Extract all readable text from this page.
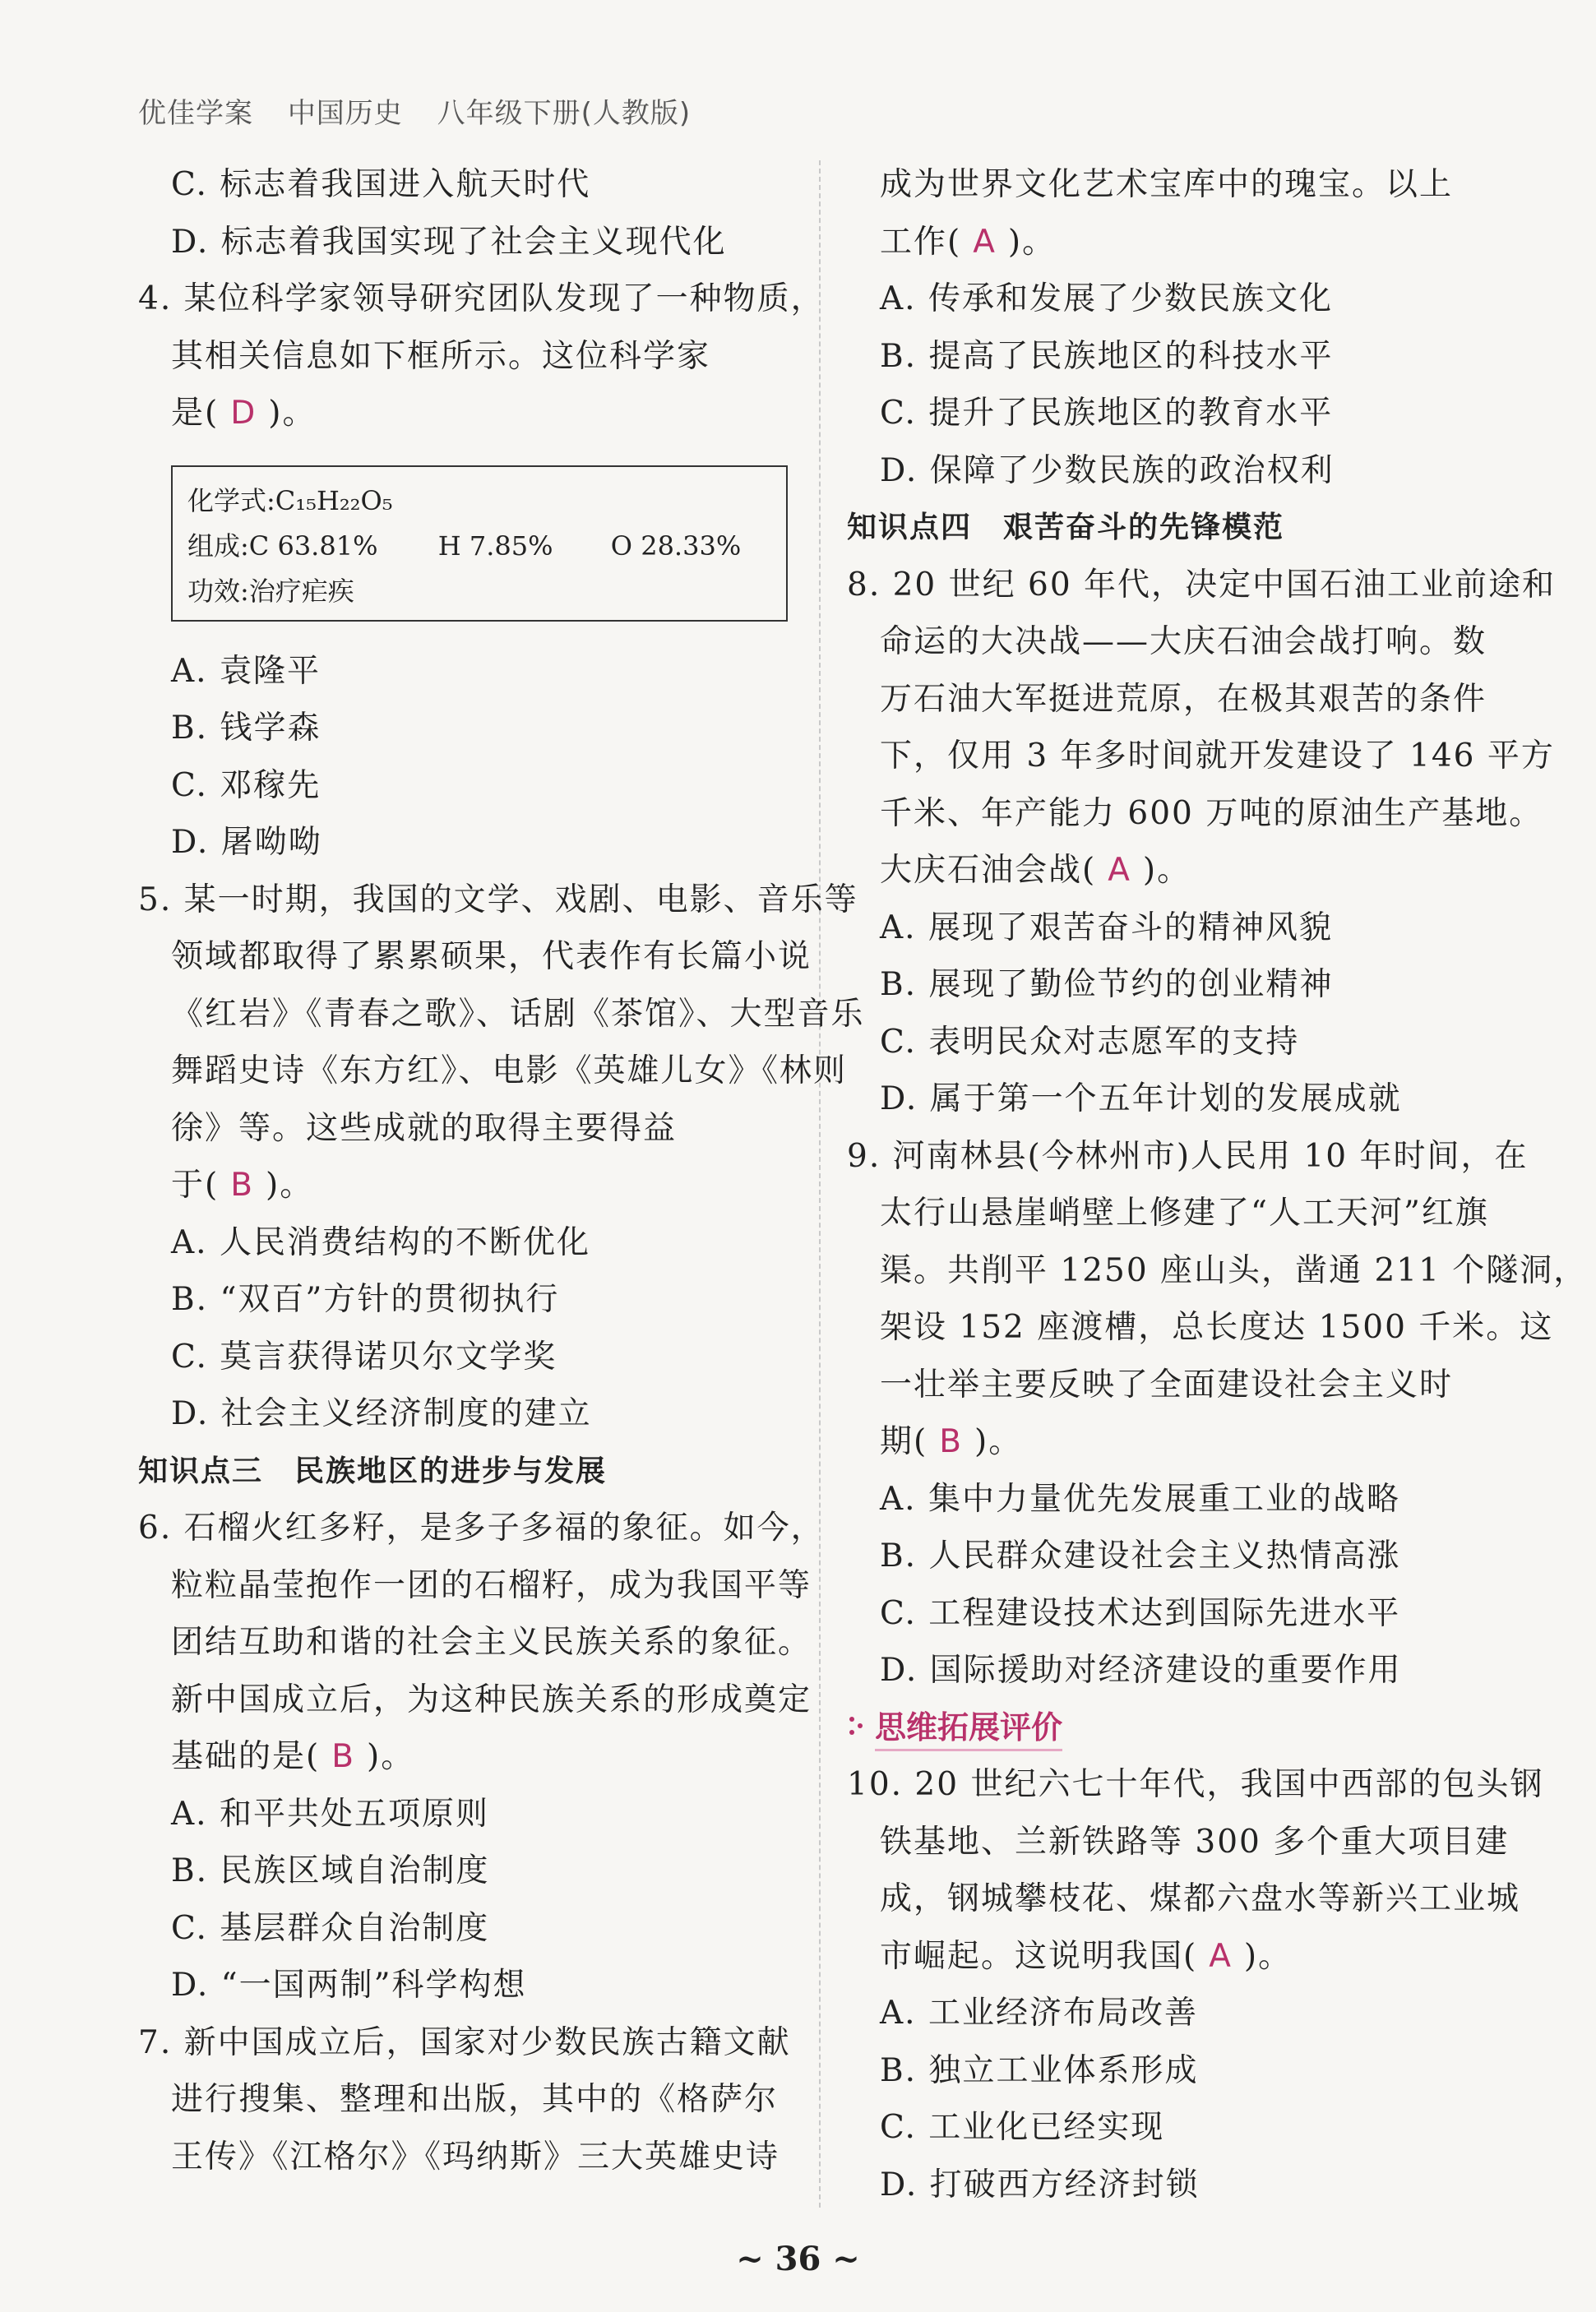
优佳学案 中国历史 八年级下册(人教版)
C. 标志着我国进入航天时代
D. 标志着我国实现了社会主义现代化
4. 某位科学家领导研究团队发现了一种物质，
其相关信息如下框所示。这位科学家
是( D )。
化学式:C₁₅H₂₂O₅
组成:C 63.81% H 7.85% O 28.33%
功效:治疗疟疾
A. 袁隆平
B. 钱学森
C. 邓稼先
D. 屠呦呦
5. 某一时期，我国的文学、戏剧、电影、音乐等
领域都取得了累累硕果，代表作有长篇小说
《红岩》《青春之歌》、话剧《茶馆》、大型音乐
舞蹈史诗《东方红》、电影《英雄儿女》《林则
徐》等。这些成就的取得主要得益
于( B )。
A. 人民消费结构的不断优化
B. “双百”方针的贯彻执行
C. 莫言获得诺贝尔文学奖
D. 社会主义经济制度的建立
知识点三　民族地区的进步与发展
6. 石榴火红多籽，是多子多福的象征。如今，
粒粒晶莹抱作一团的石榴籽，成为我国平等
团结互助和谐的社会主义民族关系的象征。
新中国成立后，为这种民族关系的形成奠定
基础的是( B )。
A. 和平共处五项原则
B. 民族区域自治制度
C. 基层群众自治制度
D. “一国两制”科学构想
7. 新中国成立后，国家对少数民族古籍文献
进行搜集、整理和出版，其中的《格萨尔
王传》《江格尔》《玛纳斯》三大英雄史诗
成为世界文化艺术宝库中的瑰宝。以上
工作( A )。
A. 传承和发展了少数民族文化
B. 提高了民族地区的科技水平
C. 提升了民族地区的教育水平
D. 保障了少数民族的政治权利
知识点四　艰苦奋斗的先锋模范
8. 20 世纪 60 年代，决定中国石油工业前途和
命运的大决战——大庆石油会战打响。数
万石油大军挺进荒原，在极其艰苦的条件
下，仅用 3 年多时间就开发建设了 146 平方
千米、年产能力 600 万吨的原油生产基地。
大庆石油会战( A )。
A. 展现了艰苦奋斗的精神风貌
B. 展现了勤俭节约的创业精神
C. 表明民众对志愿军的支持
D. 属于第一个五年计划的发展成就
9. 河南林县(今林州市)人民用 10 年时间，在
太行山悬崖峭壁上修建了“人工天河”红旗
渠。共削平 1250 座山头，凿通 211 个隧洞，
架设 152 座渡槽，总长度达 1500 千米。这
一壮举主要反映了全面建设社会主义时
期( B )。
A. 集中力量优先发展重工业的战略
B. 人民群众建设社会主义热情高涨
C. 工程建设技术达到国际先进水平
D. 国际援助对经济建设的重要作用
思维拓展评价
10. 20 世纪六七十年代，我国中西部的包头钢
铁基地、兰新铁路等 300 多个重大项目建
成，钢城攀枝花、煤都六盘水等新兴工业城
市崛起。这说明我国( A )。
A. 工业经济布局改善
B. 独立工业体系形成
C. 工业化已经实现
D. 打破西方经济封锁
~ 36 ~
